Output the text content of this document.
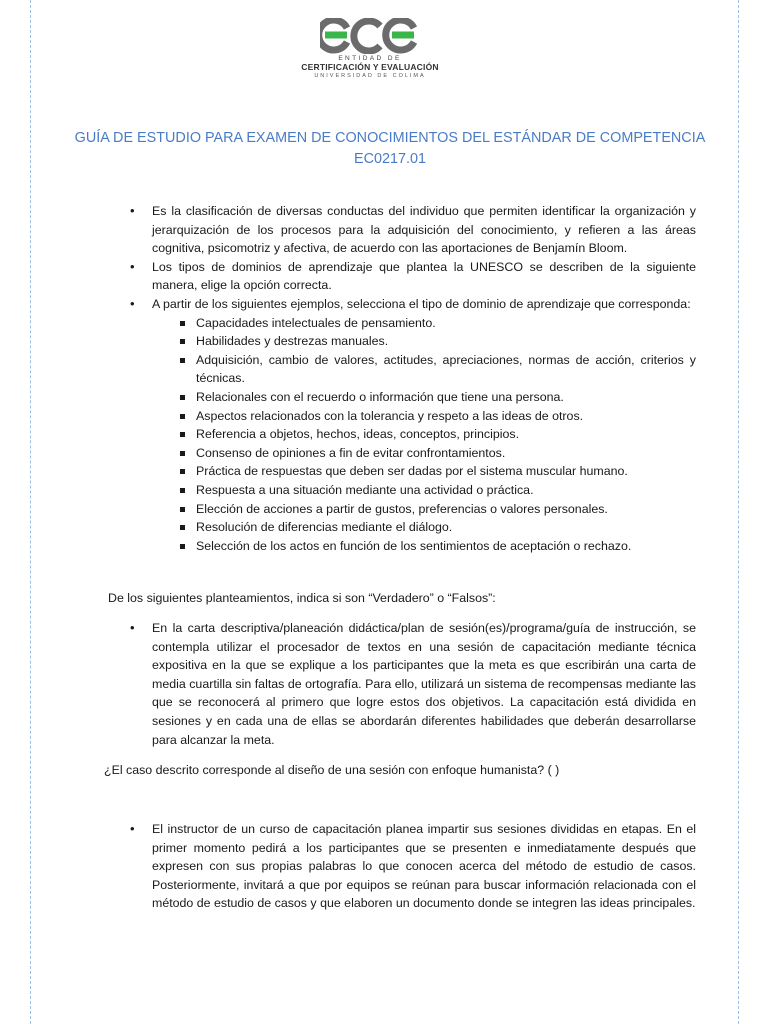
ENTIDAD DE
CERTIFICACIÓN Y EVALUACIÓN
UNIVERSIDAD DE COLIMA
GUÍA DE ESTUDIO PARA EXAMEN DE CONOCIMIENTOS DEL ESTÁNDAR DE COMPETENCIA
EC0217.01
• Es la clasificación de diversas conductas del individuo que permiten identificar la organización y jerarquización de los procesos para la adquisición del conocimiento, y refieren a las áreas cognitiva, psicomotriz y afectiva, de acuerdo con las aportaciones de Benjamín Bloom.
• Los tipos de dominios de aprendizaje que plantea la UNESCO se describen de la siguiente manera, elige la opción correcta.
• A partir de los siguientes ejemplos, selecciona el tipo de dominio de aprendizaje que corresponda:
Capacidades intelectuales de pensamiento.
Habilidades y destrezas manuales.
Adquisición, cambio de valores, actitudes, apreciaciones, normas de acción, criterios y técnicas.
Relacionales con el recuerdo o información que tiene una persona.
Aspectos relacionados con la tolerancia y respeto a las ideas de otros.
Referencia a objetos, hechos, ideas, conceptos, principios.
Consenso de opiniones a fin de evitar confrontamientos.
Práctica de respuestas que deben ser dadas por el sistema muscular humano.
Respuesta a una situación mediante una actividad o práctica.
Elección de acciones a partir de gustos, preferencias o valores personales.
Resolución de diferencias mediante el diálogo.
Selección de los actos en función de los sentimientos de aceptación o rechazo.
De los siguientes planteamientos, indica si son “Verdadero” o “Falsos”:
• En la carta descriptiva/planeación didáctica/plan de sesión(es)/programa/guía de instrucción, se contempla utilizar el procesador de textos en una sesión de capacitación mediante técnica expositiva en la que se explique a los participantes que la meta es que escribirán una carta de media cuartilla sin faltas de ortografía. Para ello, utilizará un sistema de recompensas mediante las que se reconocerá al primero que logre estos dos objetivos. La capacitación está dividida en sesiones y en cada una de ellas se abordarán diferentes habilidades que deberán desarrollarse para alcanzar la meta.
¿El caso descrito corresponde al diseño de una sesión con enfoque humanista? ( )
• El instructor de un curso de capacitación planea impartir sus sesiones divididas en etapas. En el primer momento pedirá a los participantes que se presenten e inmediatamente después que expresen con sus propias palabras lo que conocen acerca del método de estudio de casos. Posteriormente, invitará a que por equipos se reúnan para buscar información relacionada con el método de estudio de casos y que elaboren un documento donde se integren las ideas principales.
